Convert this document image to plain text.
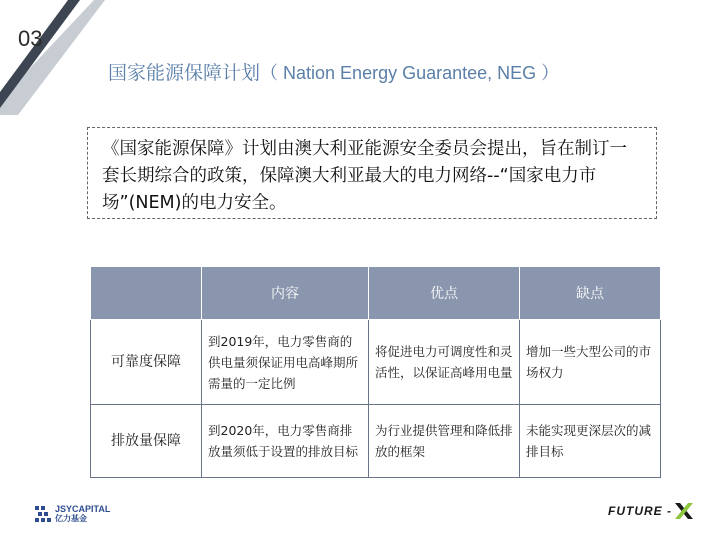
03
国家能源保障计划（ Nation Energy Guarantee, NEG ）
《国家能源保障》计划由澳大利亚能源安全委员会提出，旨在制订一套长期综合的政策，保障澳大利亚最大的电力网络--“国家电力市场”(NEM)的电力安全。
	内容	优点	缺点
可靠度保障	到2019年，电力零售商的供电量须保证用电高峰期所需量的一定比例	将促进电力可调度性和灵活性，以保证高峰用电量	增加一些大型公司的市场权力
排放量保障	到2020年，电力零售商排放量须低于设置的排放目标	为行业提供管理和降低排放的框架	未能实现更深层次的减排目标
JSYCAPITAL
亿力基金
FUTURE -
